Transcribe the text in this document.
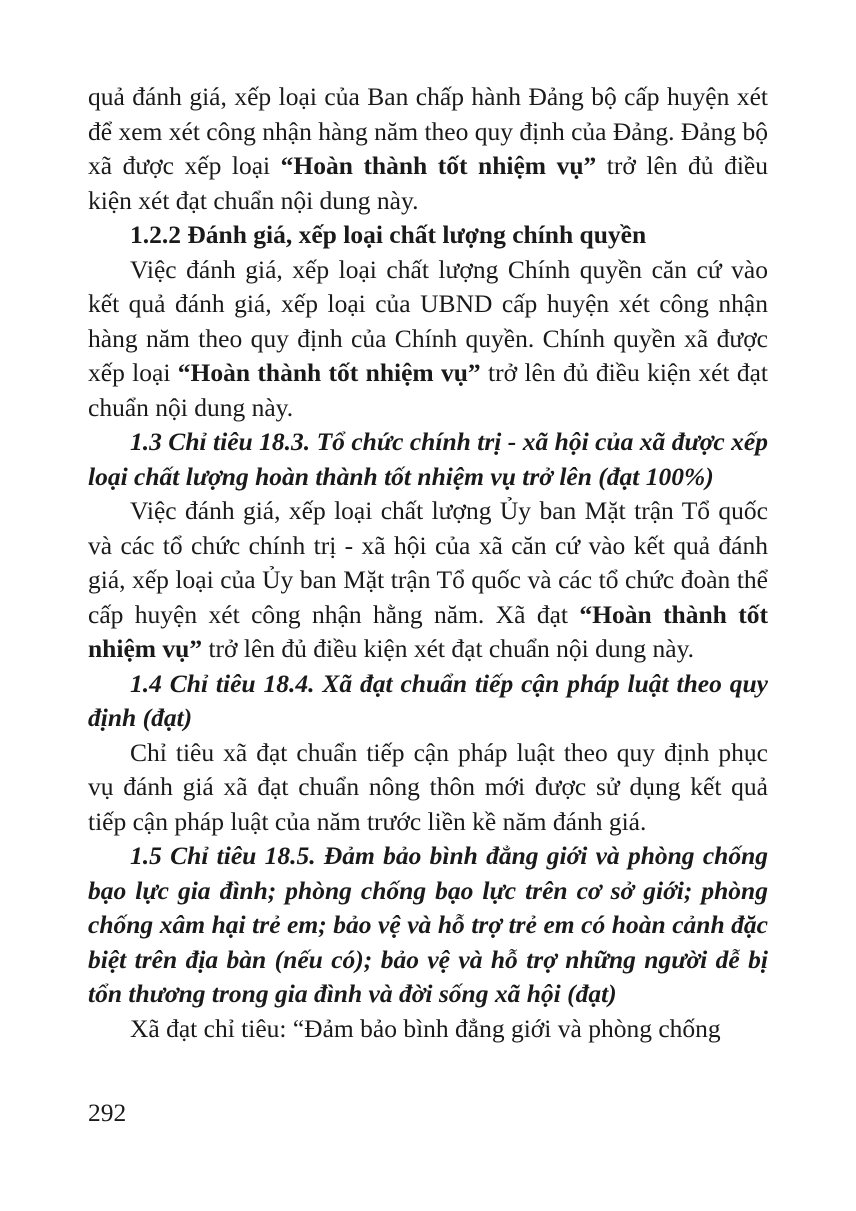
quả đánh giá, xếp loại của Ban chấp hành Đảng bộ cấp huyện xét để xem xét công nhận hàng năm theo quy định của Đảng. Đảng bộ xã được xếp loại “Hoàn thành tốt nhiệm vụ” trở lên đủ điều kiện xét đạt chuẩn nội dung này.

1.2.2 Đánh giá, xếp loại chất lượng chính quyền

Việc đánh giá, xếp loại chất lượng Chính quyền căn cứ vào kết quả đánh giá, xếp loại của UBND cấp huyện xét công nhận hàng năm theo quy định của Chính quyền. Chính quyền xã được xếp loại “Hoàn thành tốt nhiệm vụ” trở lên đủ điều kiện xét đạt chuẩn nội dung này.

1.3 Chỉ tiêu 18.3. Tổ chức chính trị - xã hội của xã được xếp loại chất lượng hoàn thành tốt nhiệm vụ trở lên (đạt 100%)

Việc đánh giá, xếp loại chất lượng Ủy ban Mặt trận Tổ quốc và các tổ chức chính trị - xã hội của xã căn cứ vào kết quả đánh giá, xếp loại của Ủy ban Mặt trận Tổ quốc và các tổ chức đoàn thể cấp huyện xét công nhận hằng năm. Xã đạt “Hoàn thành tốt nhiệm vụ” trở lên đủ điều kiện xét đạt chuẩn nội dung này.

1.4 Chỉ tiêu 18.4. Xã đạt chuẩn tiếp cận pháp luật theo quy định (đạt)

Chỉ tiêu xã đạt chuẩn tiếp cận pháp luật theo quy định phục vụ đánh giá xã đạt chuẩn nông thôn mới được sử dụng kết quả tiếp cận pháp luật của năm trước liền kề năm đánh giá.

1.5 Chỉ tiêu 18.5. Đảm bảo bình đẳng giới và phòng chống bạo lực gia đình; phòng chống bạo lực trên cơ sở giới; phòng chống xâm hại trẻ em; bảo vệ và hỗ trợ trẻ em có hoàn cảnh đặc biệt trên địa bàn (nếu có); bảo vệ và hỗ trợ những người dễ bị tổn thương trong gia đình và đời sống xã hội (đạt)

Xã đạt chỉ tiêu: “Đảm bảo bình đẳng giới và phòng chống

292
